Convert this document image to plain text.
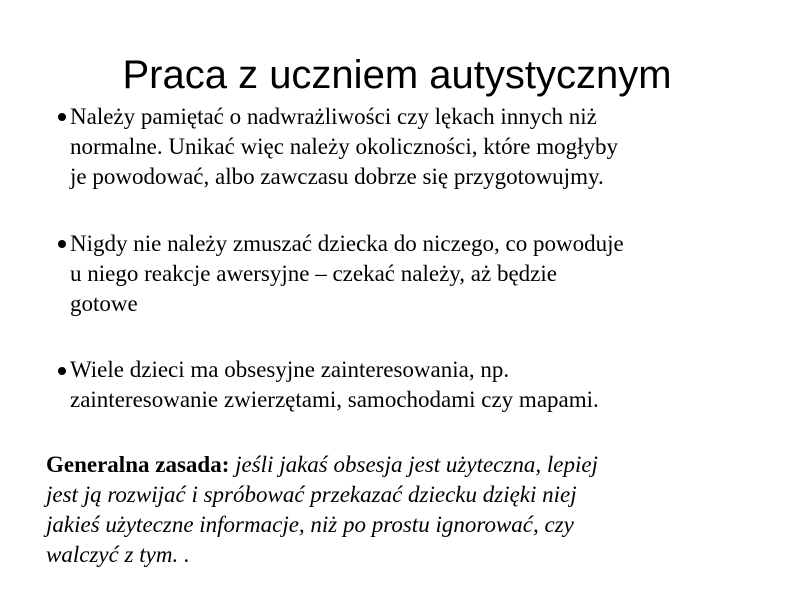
Praca z uczniem autystycznym
Należy pamiętać o nadwrażliwości czy lękach innych niż
normalne. Unikać więc należy okoliczności, które mogłyby
je powodować, albo zawczasu dobrze się przygotowujmy.
Nigdy nie należy zmuszać dziecka do niczego, co powoduje
u niego reakcje awersyjne – czekać należy, aż będzie
gotowe
Wiele dzieci ma obsesyjne zainteresowania, np.
zainteresowanie zwierzętami, samochodami czy mapami.

Generalna zasada: jeśli jakaś obsesja jest użyteczna, lepiej
jest ją rozwijać i spróbować przekazać dziecku dzięki niej
jakieś użyteczne informacje, niż po prostu ignorować, czy
walczyć z tym. .
